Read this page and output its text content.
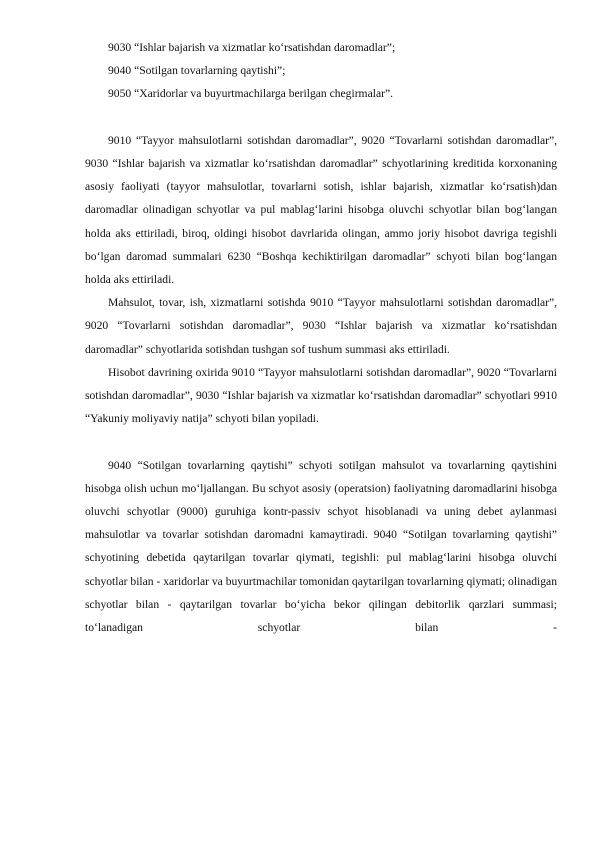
9030 “Ishlar bajarish va xizmatlar ko‘rsatishdan daromadlar”;

9040 “Sotilgan tovarlarning qaytishi”;

9050 “Xaridorlar va buyurtmachilarga berilgan chegirmalar”.

9010 “Tayyor mahsulotlarni sotishdan daromadlar”, 9020 “Tovarlarni sotishdan daromadlar”, 9030 “Ishlar bajarish va xizmatlar ko‘rsatishdan daromadlar” schyotlarining kreditida korxonaning asosiy faoliyati (tayyor mahsulotlar, tovarlarni sotish, ishlar bajarish, xizmatlar ko‘rsatish)dan daromadlar olinadigan schyotlar va pul mablag‘larini hisobga oluvchi schyotlar bilan bog‘langan holda aks ettiriladi, biroq, oldingi hisobot davrlarida olingan, ammo joriy hisobot davriga tegishli bo‘lgan daromad summalari 6230 “Boshqa kechiktirilgan daromadlar” schyoti bilan bog‘langan holda aks ettiriladi.

Mahsulot, tovar, ish, xizmatlarni sotishda 9010 “Tayyor mahsulotlarni sotishdan daromadlar”, 9020 “Tovarlarni sotishdan daromadlar”, 9030 “Ishlar bajarish va xizmatlar ko‘rsatishdan daromadlar” schyotlarida sotishdan tushgan sof tushum summasi aks ettiriladi.

Hisobot davrining oxirida 9010 “Tayyor mahsulotlarni sotishdan daromadlar”, 9020 “Tovarlarni sotishdan daromadlar”, 9030 “Ishlar bajarish va xizmatlar ko‘rsatishdan daromadlar” schyotlari 9910 “Yakuniy moliyaviy natija” schyoti bilan yopiladi.

9040 “Sotilgan tovarlarning qaytishi” schyoti sotilgan mahsulot va tovarlarning qaytishini hisobga olish uchun mo‘ljallangan. Bu schyot asosiy (operatsion) faoliyatning daromadlarini hisobga oluvchi schyotlar (9000) guruhiga kontr-passiv schyot hisoblanadi va uning debet aylanmasi mahsulotlar va tovarlar sotishdan daromadni kamaytiradi. 9040 “Sotilgan tovarlarning qaytishi” schyotining debetida qaytarilgan tovarlar qiymati, tegishli: pul mablag‘larini hisobga oluvchi schyotlar bilan - xaridorlar va buyurtmachilar tomonidan qaytarilgan tovarlarning qiymati; olinadigan schyotlar bilan - qaytarilgan tovarlar bo‘yicha bekor qilingan debitorlik qarzlari summasi; to‘lanadigan schyotlar bilan -
